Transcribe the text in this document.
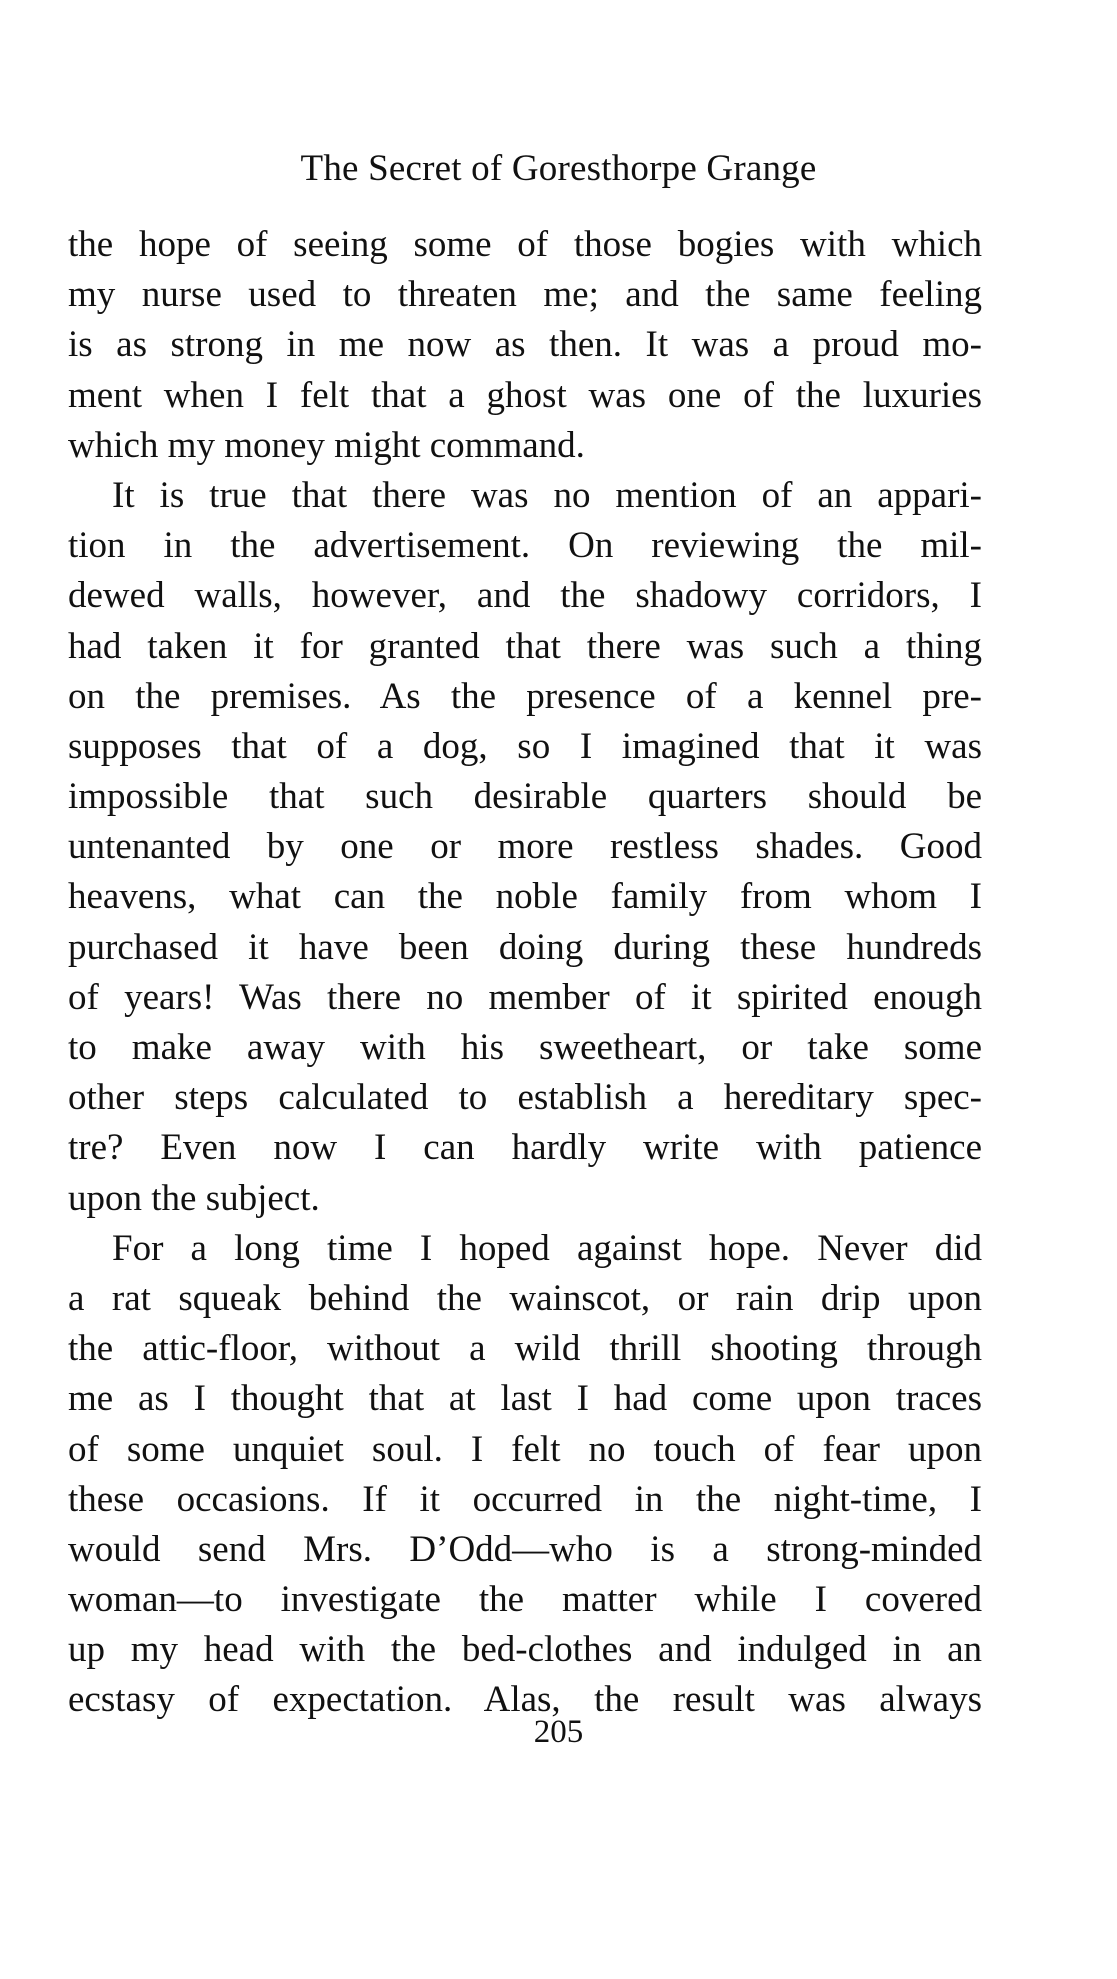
The Secret of Goresthorpe Grange
the hope of seeing some of those bogies with which
my nurse used to threaten me; and the same feeling
is as strong in me now as then. It was a proud mo-
ment when I felt that a ghost was one of the luxuries
which my money might command.
It is true that there was no mention of an appari-
tion in the advertisement. On reviewing the mil-
dewed walls, however, and the shadowy corridors, I
had taken it for granted that there was such a thing
on the premises. As the presence of a kennel pre-
supposes that of a dog, so I imagined that it was
impossible that such desirable quarters should be
untenanted by one or more restless shades. Good
heavens, what can the noble family from whom I
purchased it have been doing during these hundreds
of years! Was there no member of it spirited enough
to make away with his sweetheart, or take some
other steps calculated to establish a hereditary spec-
tre? Even now I can hardly write with patience
upon the subject.
For a long time I hoped against hope. Never did
a rat squeak behind the wainscot, or rain drip upon
the attic-floor, without a wild thrill shooting through
me as I thought that at last I had come upon traces
of some unquiet soul. I felt no touch of fear upon
these occasions. If it occurred in the night-time, I
would send Mrs. D’Odd—who is a strong-minded
woman—to investigate the matter while I covered
up my head with the bed-clothes and indulged in an
ecstasy of expectation. Alas, the result was always
205
